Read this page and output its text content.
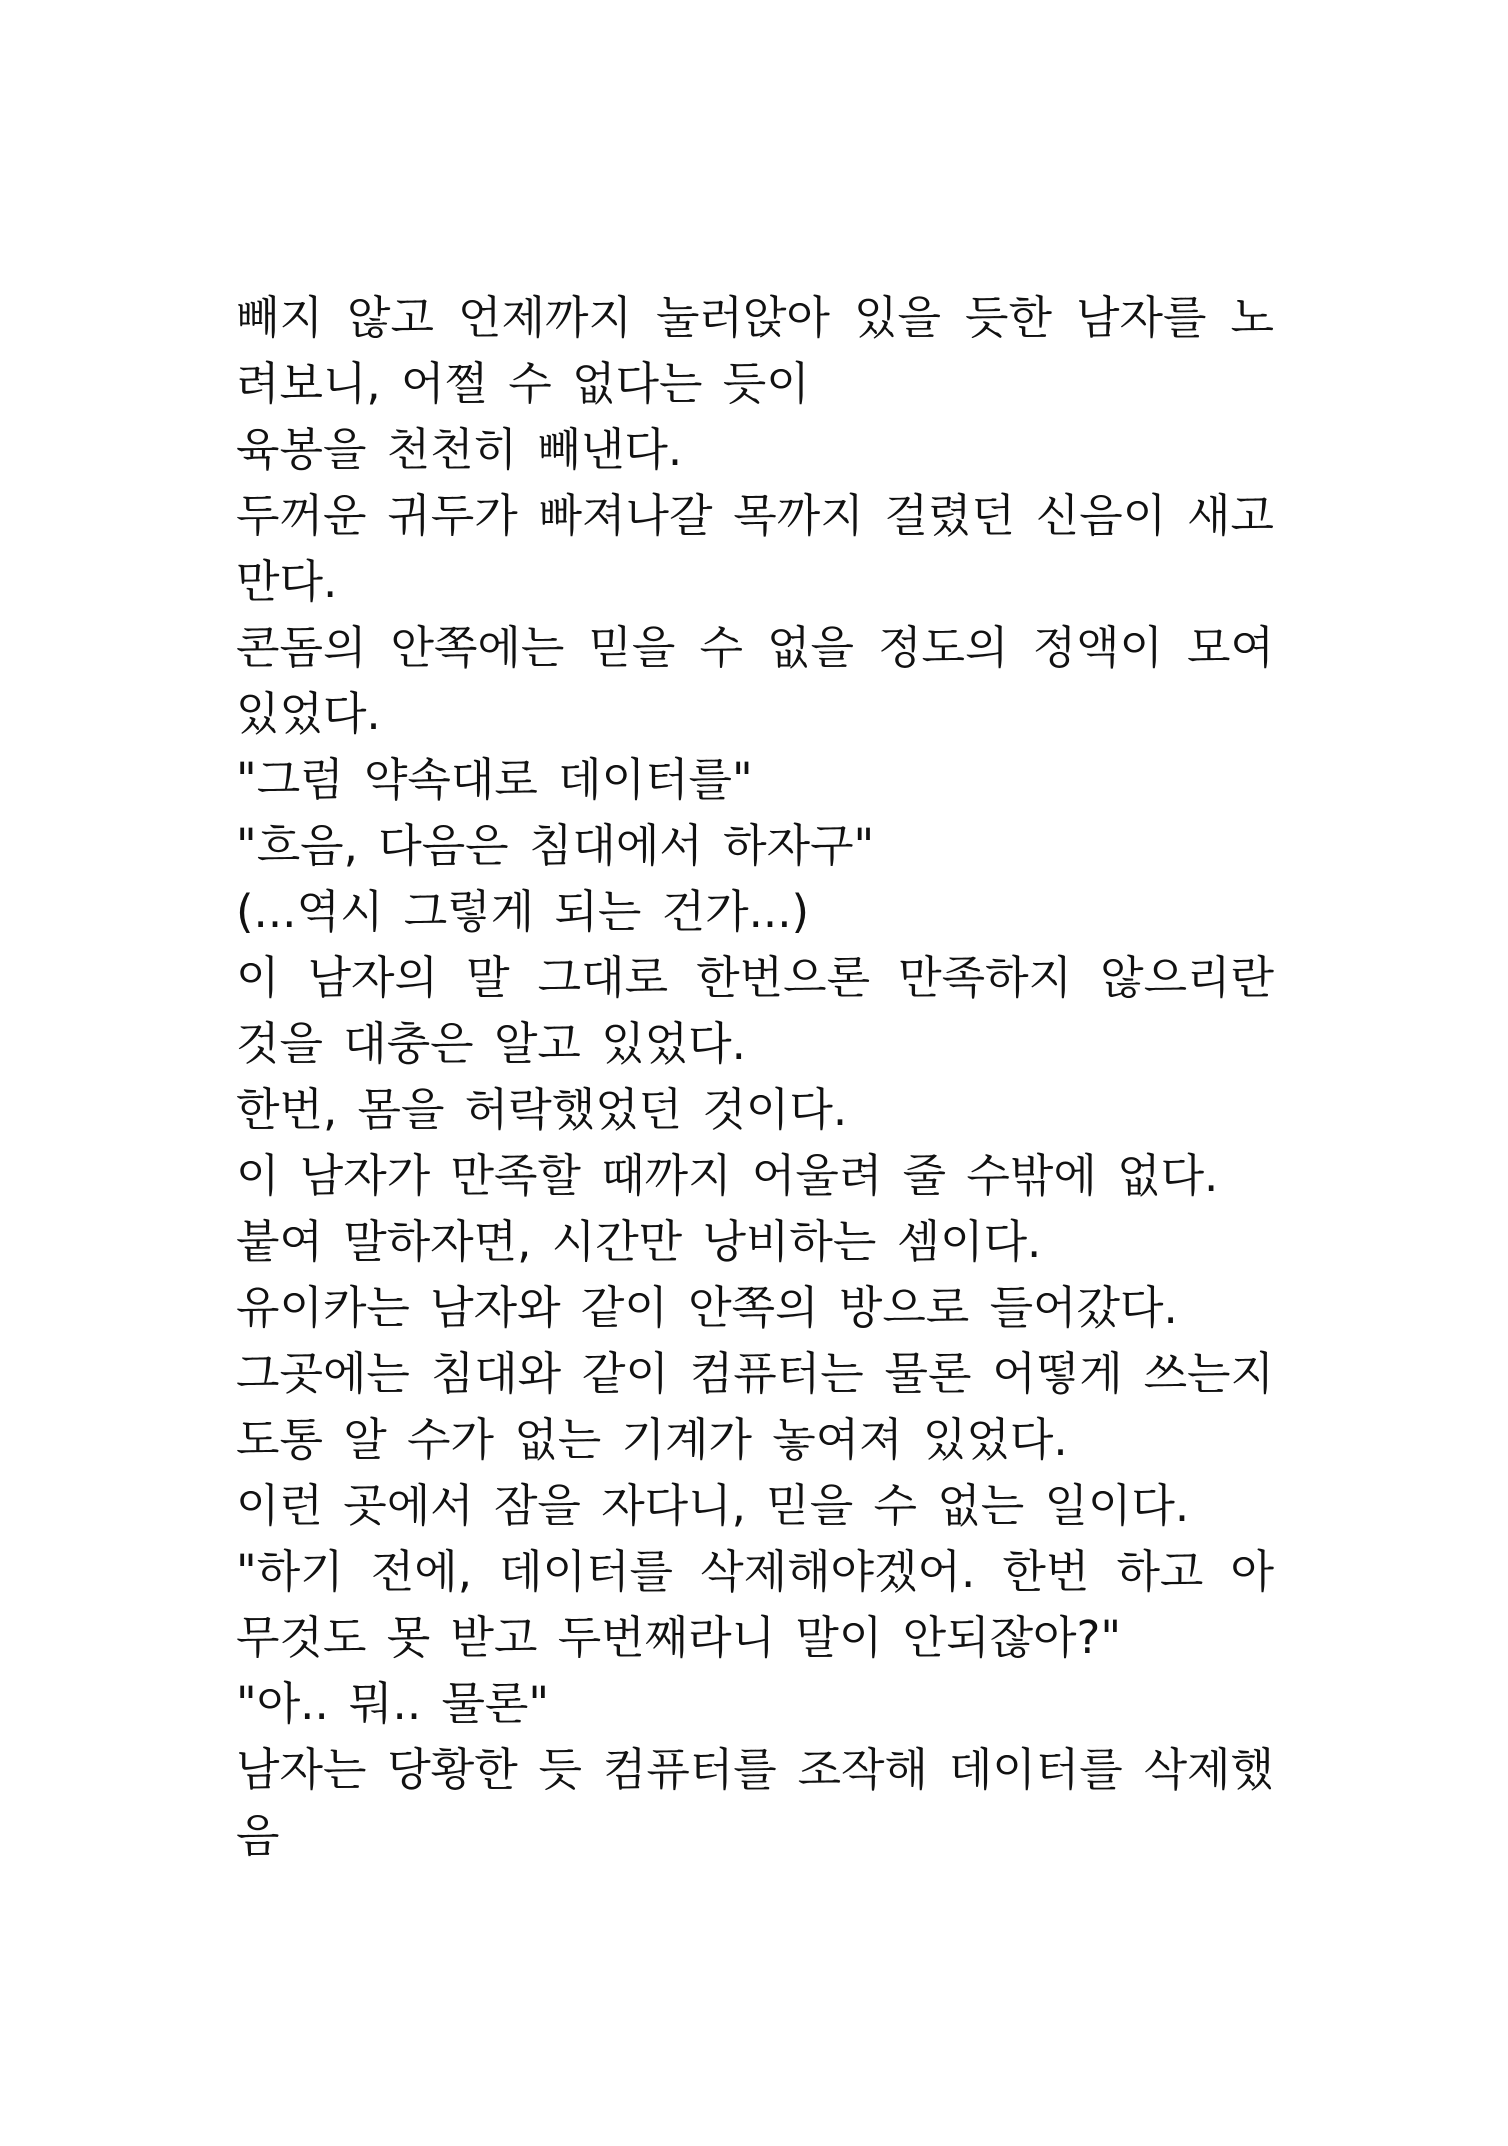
빼지 않고 언제까지 눌러앉아 있을 듯한 남자를 노려보니, 어쩔 수 없다는 듯이

육봉을 천천히 빼낸다.

두꺼운 귀두가 빠져나갈 목까지 걸렸던 신음이 새고 만다.

콘돔의 안쪽에는 믿을 수 없을 정도의 정액이 모여 있었다.

"그럼 약속대로 데이터를"

"흐음, 다음은 침대에서 하자구"

(...역시 그렇게 되는 건가...)

이 남자의 말 그대로 한번으론 만족하지 않으리란 것을 대충은 알고 있었다.

한번, 몸을 허락했었던 것이다.

이 남자가 만족할 때까지 어울려 줄 수밖에 없다.

붙여 말하자면, 시간만 낭비하는 셈이다.

유이카는 남자와 같이 안쪽의 방으로 들어갔다.

그곳에는 침대와 같이 컴퓨터는 물론 어떻게 쓰는지 도통 알 수가 없는 기계가 놓여져 있었다.

이런 곳에서 잠을 자다니, 믿을 수 없는 일이다.

"하기 전에, 데이터를 삭제해야겠어. 한번 하고 아무것도 못 받고 두번째라니 말이 안되잖아?"

"아.. 뭐.. 물론"

남자는 당황한 듯 컴퓨터를 조작해 데이터를 삭제했음
